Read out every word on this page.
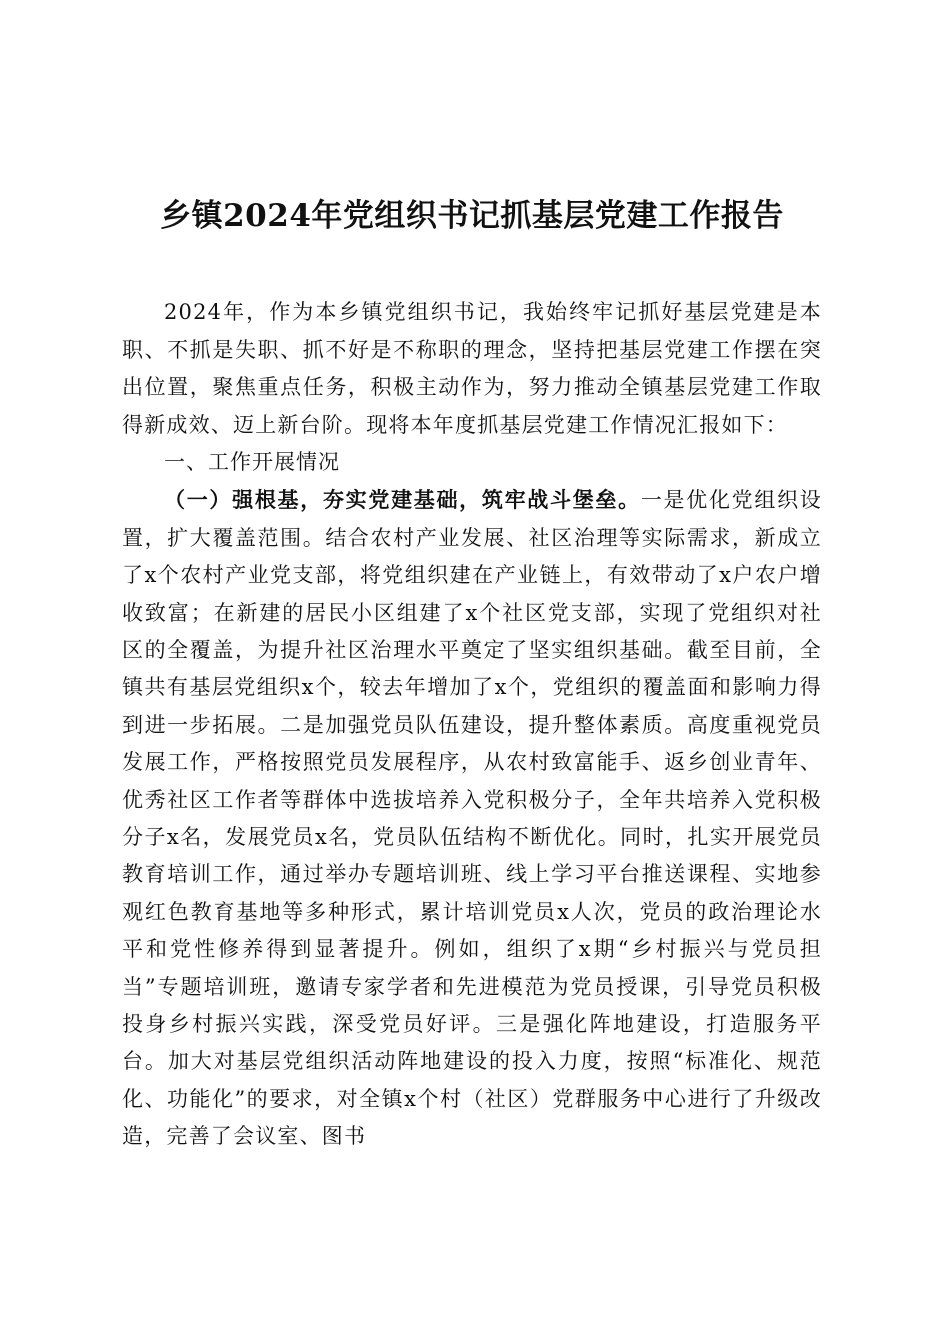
乡镇2024年党组织书记抓基层党建工作报告

2024年，作为本乡镇党组织书记，我始终牢记抓好基层党建是本职、不抓是失职、抓不好是不称职的理念，坚持把基层党建工作摆在突出位置，聚焦重点任务，积极主动作为，努力推动全镇基层党建工作取得新成效、迈上新台阶。现将本年度抓基层党建工作情况汇报如下：

一、工作开展情况

（一）强根基，夯实党建基础，筑牢战斗堡垒。一是优化党组织设置，扩大覆盖范围。结合农村产业发展、社区治理等实际需求，新成立了x个农村产业党支部，将党组织建在产业链上，有效带动了x户农户增收致富；在新建的居民小区组建了x个社区党支部，实现了党组织对社区的全覆盖，为提升社区治理水平奠定了坚实组织基础。截至目前，全镇共有基层党组织x个，较去年增加了x个，党组织的覆盖面和影响力得到进一步拓展。二是加强党员队伍建设，提升整体素质。高度重视党员发展工作，严格按照党员发展程序，从农村致富能手、返乡创业青年、优秀社区工作者等群体中选拔培养入党积极分子，全年共培养入党积极分子x名，发展党员x名，党员队伍结构不断优化。同时，扎实开展党员教育培训工作，通过举办专题培训班、线上学习平台推送课程、实地参观红色教育基地等多种形式，累计培训党员x人次，党员的政治理论水平和党性修养得到显著提升。例如，组织了x期“乡村振兴与党员担当”专题培训班，邀请专家学者和先进模范为党员授课，引导党员积极投身乡村振兴实践，深受党员好评。三是强化阵地建设，打造服务平台。加大对基层党组织活动阵地建设的投入力度，按照“标准化、规范化、功能化”的要求，对全镇x个村（社区）党群服务中心进行了升级改造，完善了会议室、图书
